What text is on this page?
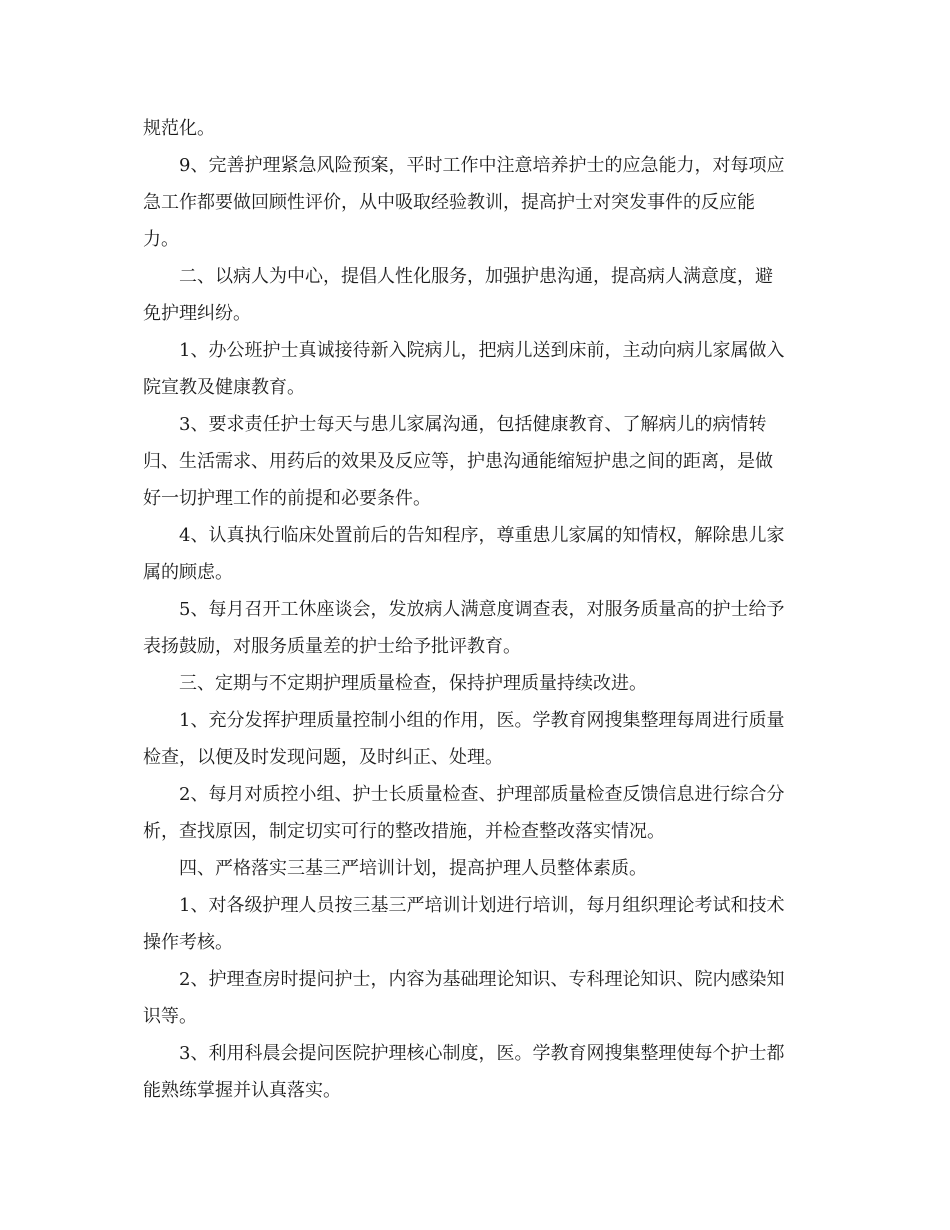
规范化。

9、完善护理紧急风险预案，平时工作中注意培养护士的应急能力，对每项应
急工作都要做回顾性评价，从中吸取经验教训，提高护士对突发事件的反应能
力。

二、以病人为中心，提倡人性化服务，加强护患沟通，提高病人满意度，避
免护理纠纷。

1、办公班护士真诚接待新入院病儿，把病儿送到床前，主动向病儿家属做入
院宣教及健康教育。

3、要求责任护士每天与患儿家属沟通，包括健康教育、了解病儿的病情转
归、生活需求、用药后的效果及反应等，护患沟通能缩短护患之间的距离，是做
好一切护理工作的前提和必要条件。

4、认真执行临床处置前后的告知程序，尊重患儿家属的知情权，解除患儿家
属的顾虑。

5、每月召开工休座谈会，发放病人满意度调查表，对服务质量高的护士给予
表扬鼓励，对服务质量差的护士给予批评教育。

三、定期与不定期护理质量检查，保持护理质量持续改进。

1、充分发挥护理质量控制小组的作用，医。学教育网搜集整理每周进行质量
检查，以便及时发现问题，及时纠正、处理。

2、每月对质控小组、护士长质量检查、护理部质量检查反馈信息进行综合分
析，查找原因，制定切实可行的整改措施，并检查整改落实情况。

四、严格落实三基三严培训计划，提高护理人员整体素质。

1、对各级护理人员按三基三严培训计划进行培训，每月组织理论考试和技术
操作考核。

2、护理查房时提问护士，内容为基础理论知识、专科理论知识、院内感染知
识等。

3、利用科晨会提问医院护理核心制度，医。学教育网搜集整理使每个护士都
能熟练掌握并认真落实。
